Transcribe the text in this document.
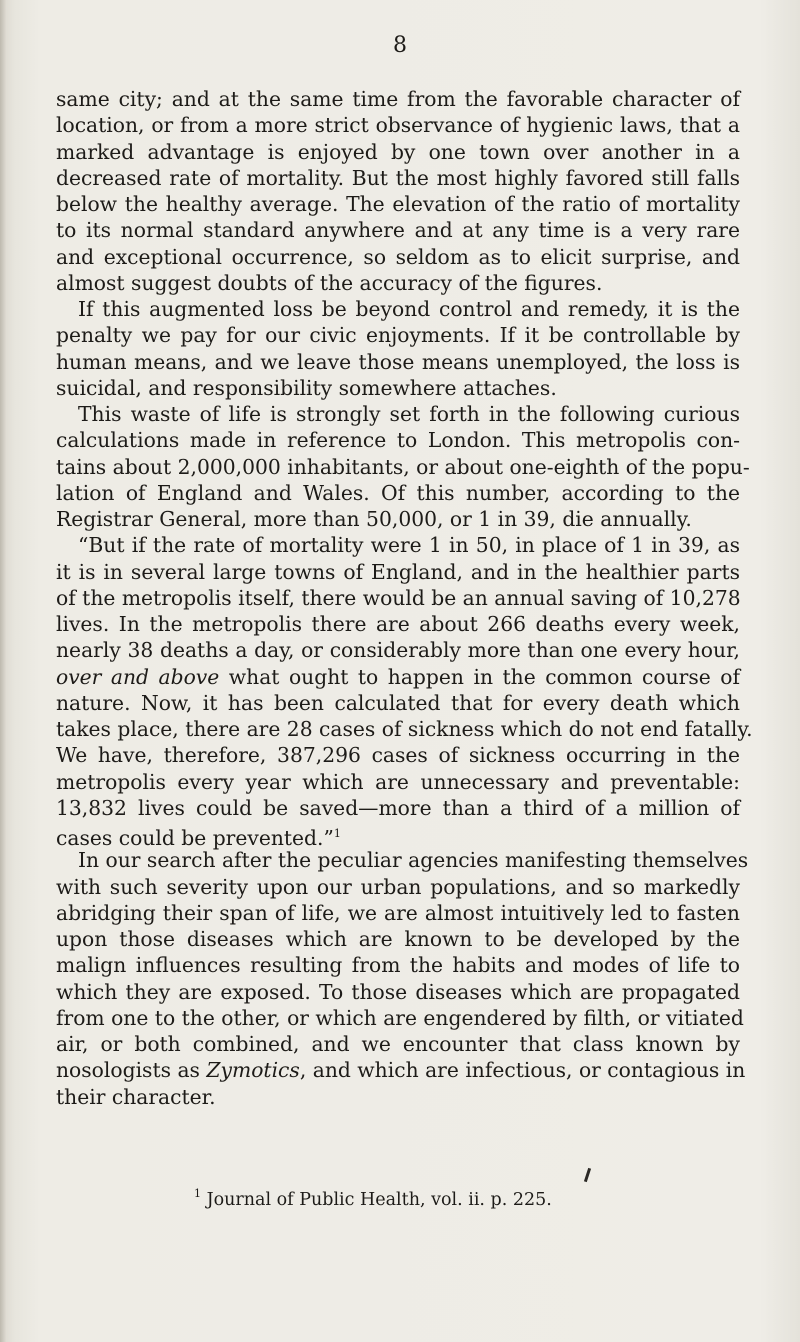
8
same city; and at the same time from the favorable character of
location, or from a more strict observance of hygienic laws, that a
marked advantage is enjoyed by one town over another in a
decreased rate of mortality. But the most highly favored still falls
below the healthy average. The elevation of the ratio of mortality
to its normal standard anywhere and at any time is a very rare
and exceptional occurrence, so seldom as to elicit surprise, and
almost suggest doubts of the accuracy of the figures.
If this augmented loss be beyond control and remedy, it is the
penalty we pay for our civic enjoyments. If it be controllable by
human means, and we leave those means unemployed, the loss is
suicidal, and responsibility somewhere attaches.
This waste of life is strongly set forth in the following curious
calculations made in reference to London. This metropolis con-
tains about 2,000,000 inhabitants, or about one-eighth of the popu-
lation of England and Wales. Of this number, according to the
Registrar General, more than 50,000, or 1 in 39, die annually.
“But if the rate of mortality were 1 in 50, in place of 1 in 39, as
it is in several large towns of England, and in the healthier parts
of the metropolis itself, there would be an annual saving of 10,278
lives. In the metropolis there are about 266 deaths every week,
nearly 38 deaths a day, or considerably more than one every hour,
over and above what ought to happen in the common course of
nature. Now, it has been calculated that for every death which
takes place, there are 28 cases of sickness which do not end fatally.
We have, therefore, 387,296 cases of sickness occurring in the
metropolis every year which are unnecessary and preventable:
13,832 lives could be saved—more than a third of a million of
cases could be prevented.”$^1$
In our search after the peculiar agencies manifesting themselves
with such severity upon our urban populations, and so markedly
abridging their span of life, we are almost intuitively led to fasten
upon those diseases which are known to be developed by the
malign influences resulting from the habits and modes of life to
which they are exposed. To those diseases which are propagated
from one to the other, or which are engendered by filth, or vitiated
air, or both combined, and we encounter that class known by
nosologists as Zymotics, and which are infectious, or contagious in
their character.
$^1$ Journal of Public Health, vol. ii. p. 225.
